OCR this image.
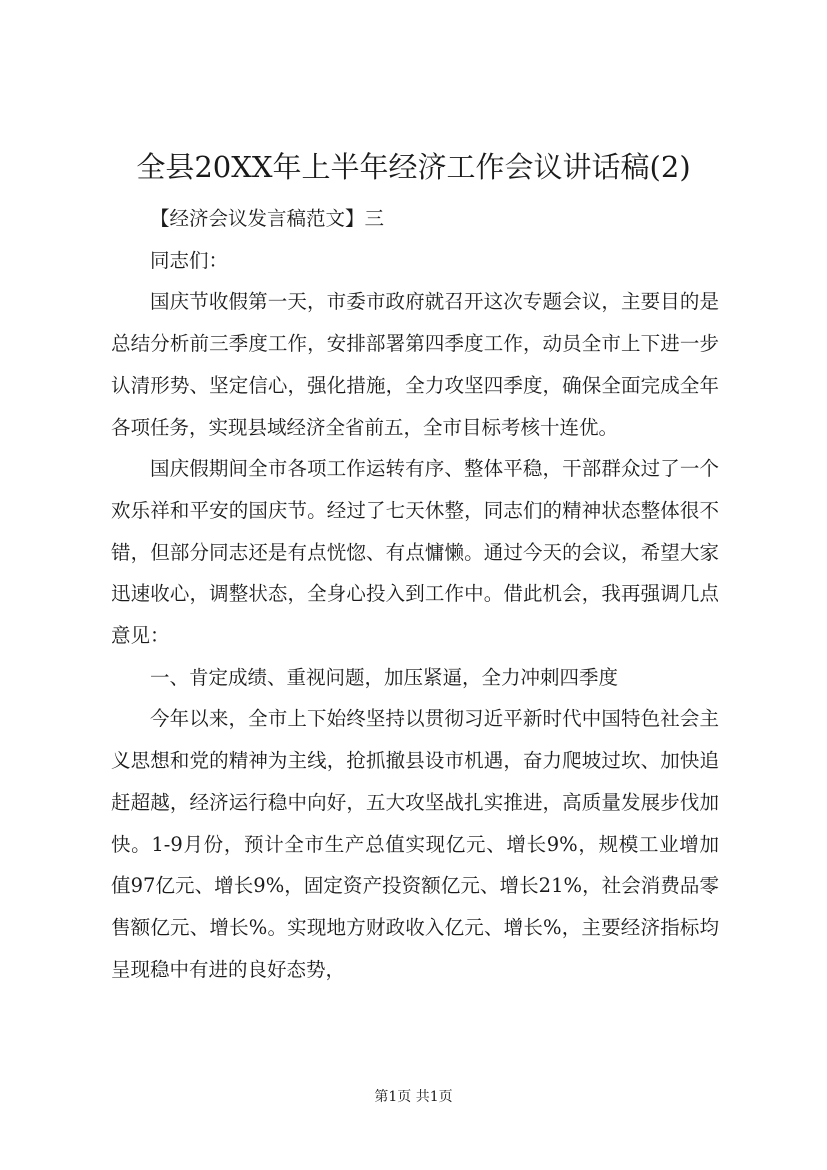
全县20XX年上半年经济工作会议讲话稿(2)

【经济会议发言稿范文】三

同志们：

国庆节收假第一天，市委市政府就召开这次专题会议，主要目的是总结分析前三季度工作，安排部署第四季度工作，动员全市上下进一步认清形势、坚定信心，强化措施，全力攻坚四季度，确保全面完成全年各项任务，实现县域经济全省前五，全市目标考核十连优。

国庆假期间全市各项工作运转有序、整体平稳，干部群众过了一个欢乐祥和平安的国庆节。经过了七天休整，同志们的精神状态整体很不错，但部分同志还是有点恍惚、有点慵懒。通过今天的会议，希望大家迅速收心，调整状态，全身心投入到工作中。借此机会，我再强调几点意见：

一、肯定成绩、重视问题，加压紧逼，全力冲刺四季度

今年以来，全市上下始终坚持以贯彻习近平新时代中国特色社会主义思想和党的精神为主线，抢抓撤县设市机遇，奋力爬坡过坎、加快追赶超越，经济运行稳中向好，五大攻坚战扎实推进，高质量发展步伐加快。1-9月份，预计全市生产总值实现亿元、增长9%，规模工业增加值97亿元、增长9%，固定资产投资额亿元、增长21%，社会消费品零售额亿元、增长%。实现地方财政收入亿元、增长%，主要经济指标均呈现稳中有进的良好态势，

第1页 共1页
